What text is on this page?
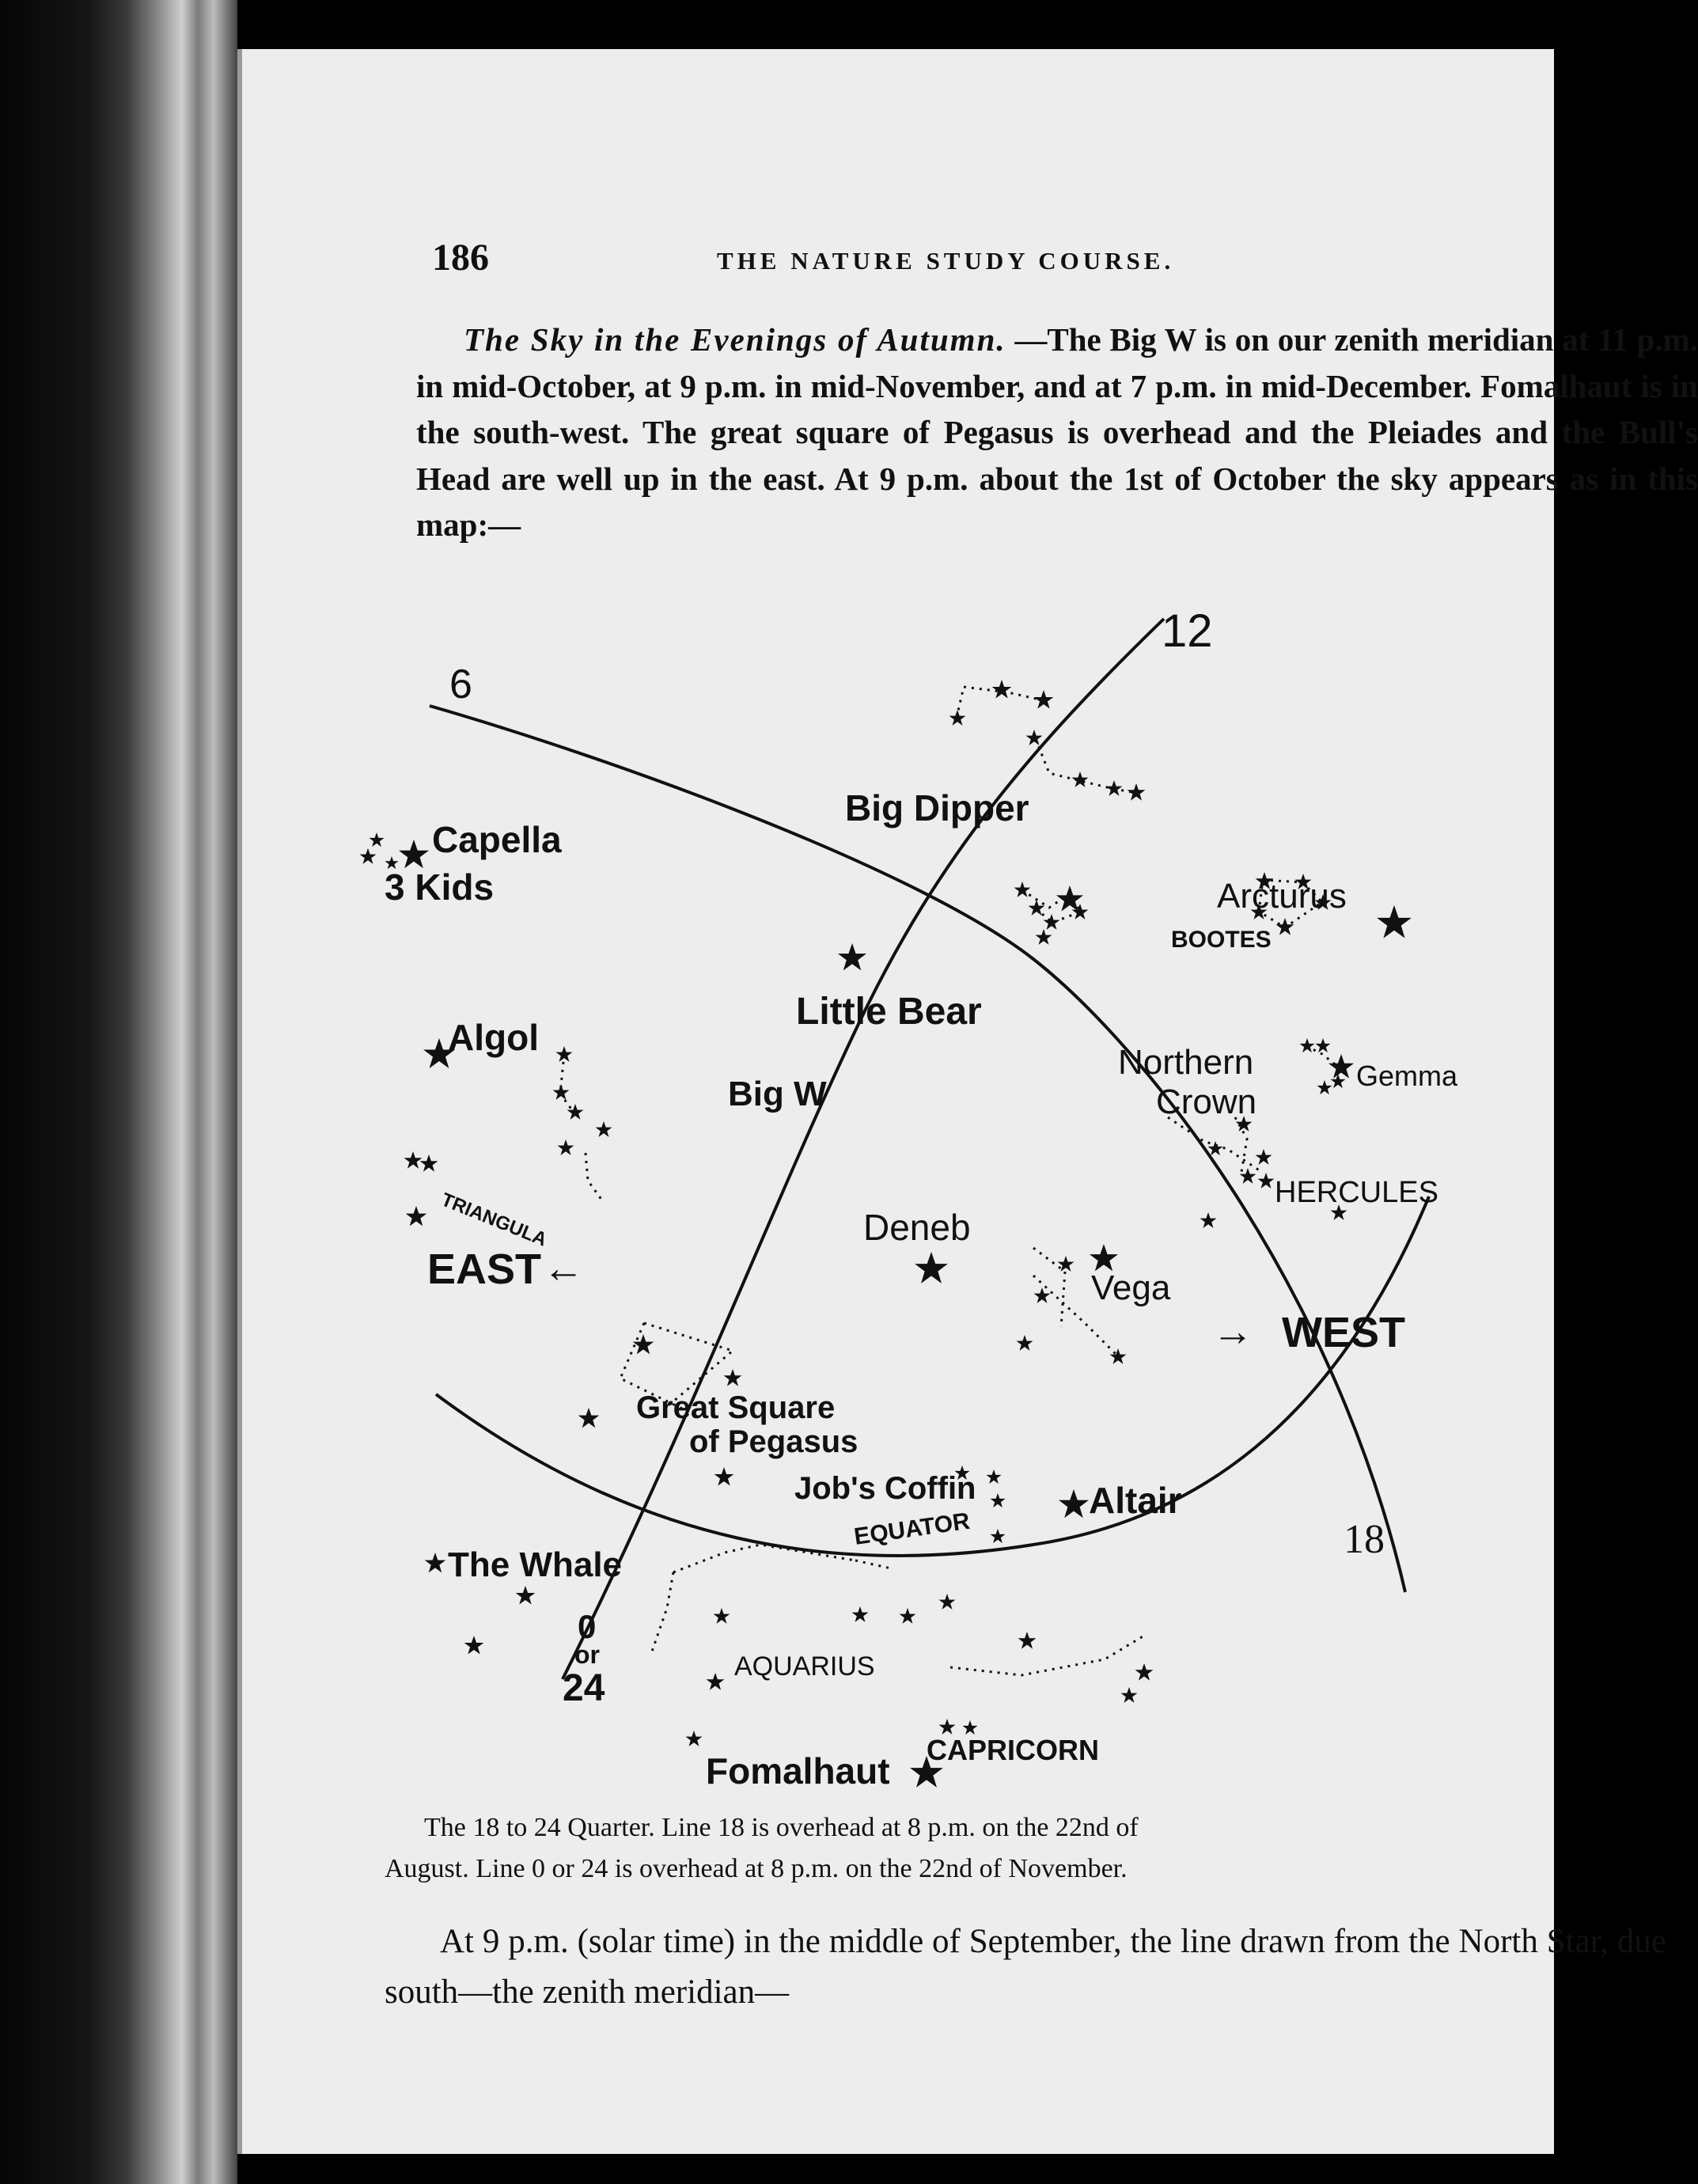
186	THE NATURE STUDY COURSE.
The Sky in the Evenings of Autumn. —The Big W is on our zenith meridian at 11 p.m. in mid-October, at 9 p.m. in mid-November, and at 7 p.m. in mid-December. Fomalhaut is in the south-west. The great square of Pegasus is overhead and the Pleiades and the Bull's Head are well up in the east. At 9 p.m. about the 1st of October the sky appears as in this map:—
12
6
18
0
or
24
EAST ←
→ WEST
EQUATOR
Capella
3 Kids
Big Dipper
Arcturus
BOOTES
Little Bear
Algol
Big W
Northern
Crown
Gemma
TRIANGULA	HERCULES
Deneb
Vega
Great Square
of Pegasus
Job's Coffin	Altair
The Whale
AQUARIUS
CAPRICORN
Fomalhaut
The 18 to 24 Quarter. Line 18 is overhead at 8 p.m. on the 22nd of
August. Line 0 or 24 is overhead at 8 p.m. on the 22nd of November.
At 9 p.m. (solar time) in the middle of September, the line drawn from the North Star, due south—the zenith meridian—
